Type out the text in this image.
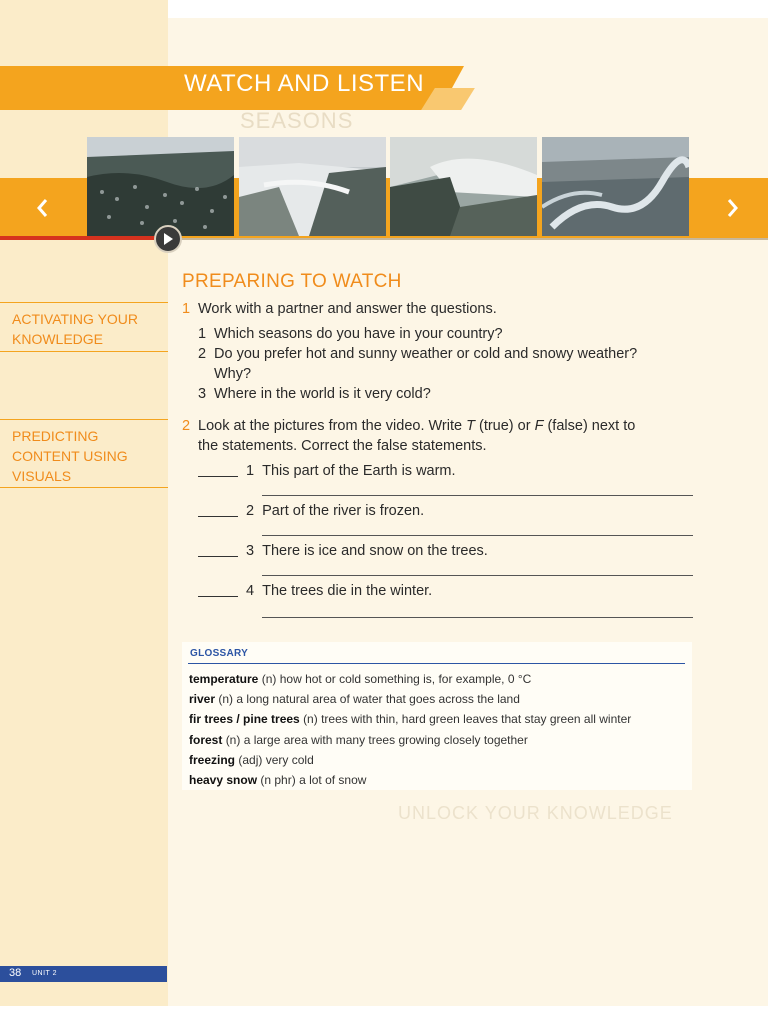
WATCH AND LISTEN
SEASONS
PREPARING TO WATCH
ACTIVATING YOUR KNOWLEDGE
PREDICTING CONTENT USING VISUALS
1 Work with a partner and answer the questions.
1 Which seasons do you have in your country?
2 Do you prefer hot and sunny weather or cold and snowy weather?
Why?
3 Where in the world is it very cold?
2 Look at the pictures from the video. Write T (true) or F (false) next to
the statements. Correct the false statements.
1 This part of the Earth is warm.
2 Part of the river is frozen.
3 There is ice and snow on the trees.
4 The trees die in the winter.
GLOSSARY
temperature (n) how hot or cold something is, for example, 0 °C
river (n) a long natural area of water that goes across the land
fir trees / pine trees (n) trees with thin, hard green leaves that stay green all winter
forest (n) a large area with many trees growing closely together
freezing (adj) very cold
heavy snow (n phr) a lot of snow
UNLOCK YOUR KNOWLEDGE
38 UNIT 2
